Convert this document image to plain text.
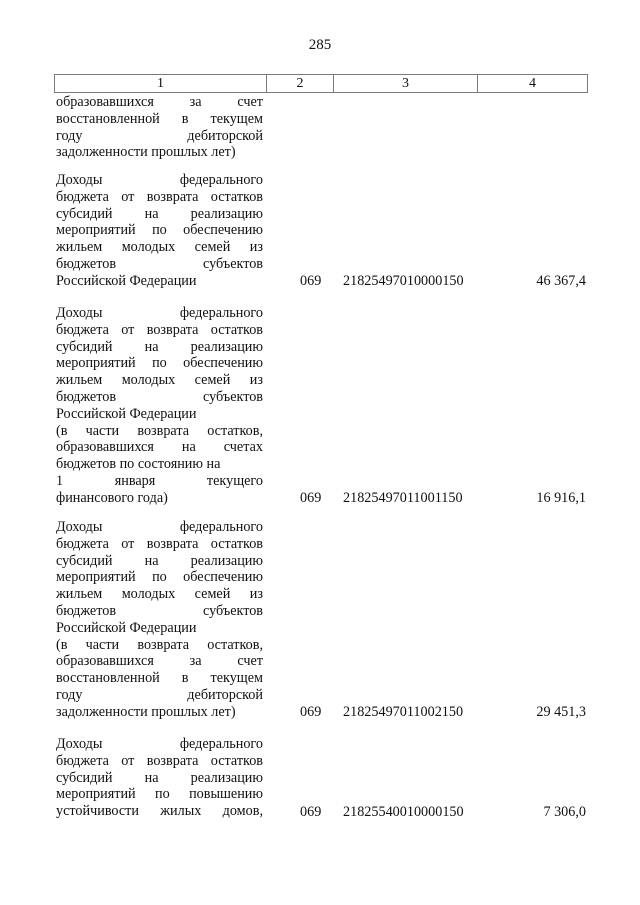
285
1	2	3	4
образовавшихся за счет
восстановленной в текущем
году дебиторской
задолженности прошлых лет)
Доходы федерального
бюджета от возврата остатков
субсидий на реализацию
мероприятий по обеспечению
жильем молодых семей из
бюджетов субъектов
Российской Федерации	069	21825497010000150	46 367,4
Доходы федерального
бюджета от возврата остатков
субсидий на реализацию
мероприятий по обеспечению
жильем молодых семей из
бюджетов субъектов
Российской Федерации
(в части возврата остатков,
образовавшихся на счетах
бюджетов по состоянию на
1 января текущего
финансового года)	069	21825497011001150	16 916,1
Доходы федерального
бюджета от возврата остатков
субсидий на реализацию
мероприятий по обеспечению
жильем молодых семей из
бюджетов субъектов
Российской Федерации
(в части возврата остатков,
образовавшихся за счет
восстановленной в текущем
году дебиторской
задолженности прошлых лет)	069	21825497011002150	29 451,3
Доходы федерального
бюджета от возврата остатков
субсидий на реализацию
мероприятий по повышению
устойчивости жилых домов,	069	21825540010000150	7 306,0
